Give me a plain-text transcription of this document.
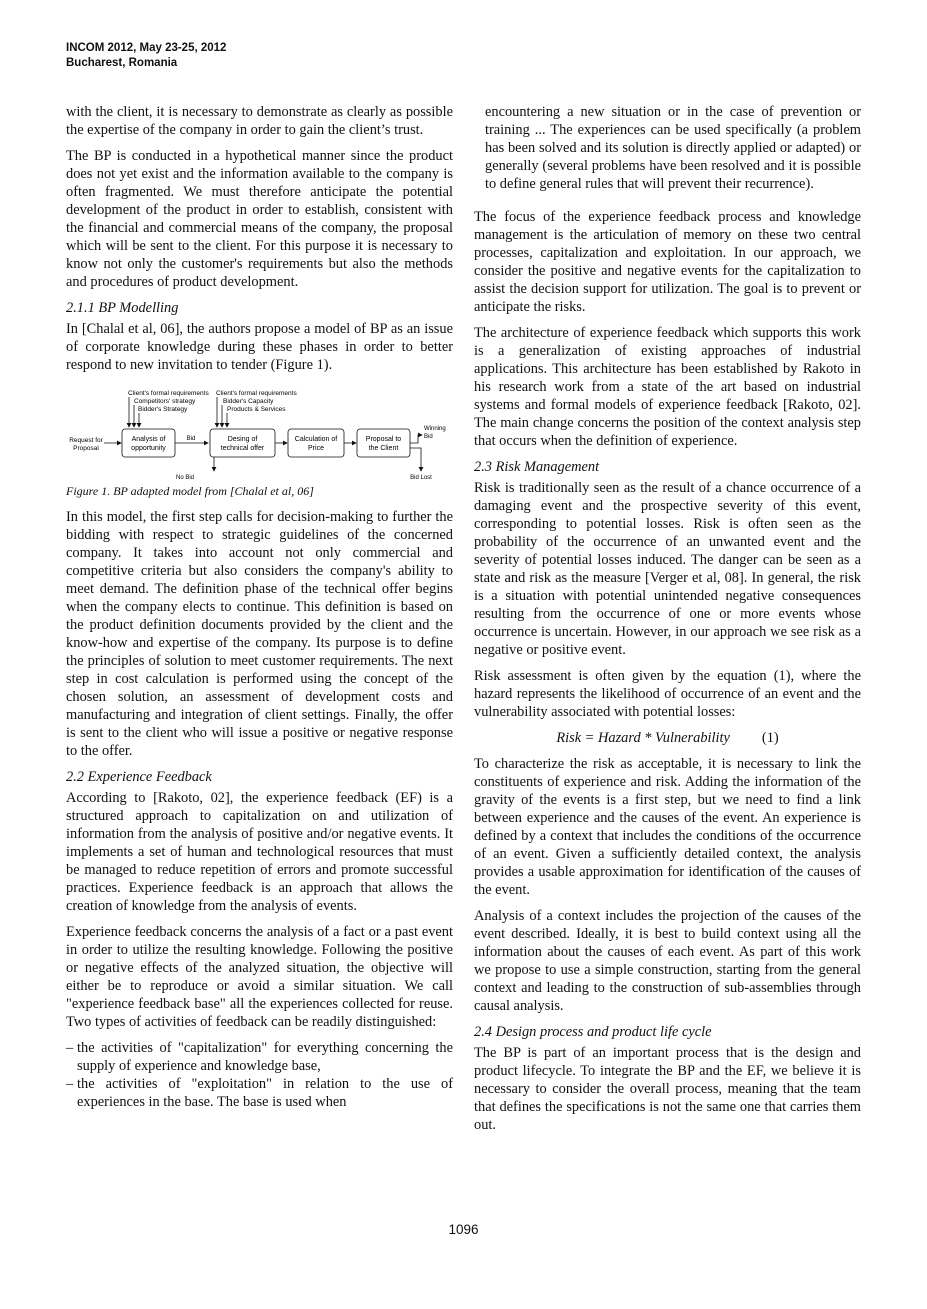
INCOM 2012, May 23-25, 2012
Bucharest, Romania

with the client, it is necessary to demonstrate as clearly as possible the expertise of the company in order to gain the client’s trust.

The BP is conducted in a hypothetical manner since the product does not yet exist and the information available to the company is often fragmented. We must therefore anticipate the potential development of the product in order to establish, consistent with the financial and commercial means of the company, the proposal which will be sent to the client. For this purpose it is necessary to know not only the customer's requirements but also the methods and procedures of product development.

2.1.1 BP Modelling

In [Chalal et al, 06], the authors propose a model of BP as an issue of corporate knowledge during these phases in order to better respond to new invitation to tender (Figure 1).

Client's formal requirements
Competitors' strategy
Bidder's Strategy
Client's formal requirements
Bidder's Capacity
Products & Services
Request for
Proposal
Analysis of
opportunity
Bid
No Bid
Desing of
technical offer
Calculation of
Price
Proposal to
the Client
Winning
Bid
Bid Lost

Figure 1. BP adapted model from [Chalal et al, 06]

In this model, the first step calls for decision-making to further the bidding with respect to strategic guidelines of the concerned company. It takes into account not only commercial and competitive criteria but also considers the company's ability to meet demand. The definition phase of the technical offer begins when the company elects to continue. This definition is based on the product definition documents provided by the client and the know-how and expertise of the company. Its purpose is to define the principles of solution to meet customer requirements. The next step in cost calculation is performed using the concept of the chosen solution, an assessment of development costs and manufacturing and integration of client settings. Finally, the offer is sent to the client who will issue a positive or negative response to the offer.

2.2 Experience Feedback

According to [Rakoto, 02], the experience feedback (EF) is a structured approach to capitalization on and utilization of information from the analysis of positive and/or negative events. It implements a set of human and technological resources that must be managed to reduce repetition of errors and promote successful practices. Experience feedback is an approach that allows the creation of knowledge from the analysis of events.

Experience feedback concerns the analysis of a fact or a past event in order to utilize the resulting knowledge. Following the positive or negative effects of the analyzed situation, the objective will either be to reproduce or avoid a similar situation. We call "experience feedback base" all the experiences collected for reuse. Two types of activities of feedback can be readily distinguished:

– the activities of "capitalization" for everything concerning the supply of experience and knowledge base,
– the activities of "exploitation" in relation to the use of experiences in the base. The base is used when

encountering a new situation or in the case of prevention or training ... The experiences can be used specifically (a problem has been solved and its solution is directly applied or adapted) or generally (several problems have been resolved and it is possible to define general rules that will prevent their recurrence).

The focus of the experience feedback process and knowledge management is the articulation of memory on these two central processes, capitalization and exploitation. In our approach, we consider the positive and negative events for the capitalization to assist the decision support for utilization. The goal is to prevent or anticipate the risks.

The architecture of experience feedback which supports this work is a generalization of existing approaches of industrial applications. This architecture has been established by Rakoto in his research work from a state of the art based on industrial systems and formal models of experience feedback [Rakoto, 02]. The main change concerns the position of the context analysis step that occurs when the definition of experience.

2.3 Risk Management

Risk is traditionally seen as the result of a chance occurrence of a damaging event and the prospective severity of this event, corresponding to potential losses. Risk is often seen as the probability of the occurrence of an unwanted event and the severity of potential losses induced. The danger can be seen as a state and risk as the measure [Verger et al, 08]. In general, the risk is a situation with potential unintended negative consequences resulting from the occurrence of one or more events whose occurrence is uncertain. However, in our approach we see risk as a negative or positive event.

Risk assessment is often given by the equation (1), where the hazard represents the likelihood of occurrence of an event and the vulnerability associated with potential losses:

Risk = Hazard * Vulnerability (1)

To characterize the risk as acceptable, it is necessary to link the constituents of experience and risk. Adding the information of the gravity of the events is a first step, but we need to find a link between experience and the causes of the event. An experience is defined by a context that includes the conditions of the occurrence of an event. Given a sufficiently detailed context, the analysis provides a usable approximation for identification of the causes of the event.

Analysis of a context includes the projection of the causes of the event described. Ideally, it is best to build context using all the information about the causes of each event. As part of this work we propose to use a simple construction, starting from the general context and leading to the construction of sub-assemblies through causal analysis.

2.4 Design process and product life cycle

The BP is part of an important process that is the design and product lifecycle. To integrate the BP and the EF, we believe it is necessary to consider the overall process, meaning that the team that defines the specifications is not the same one that carries them out.

1096
